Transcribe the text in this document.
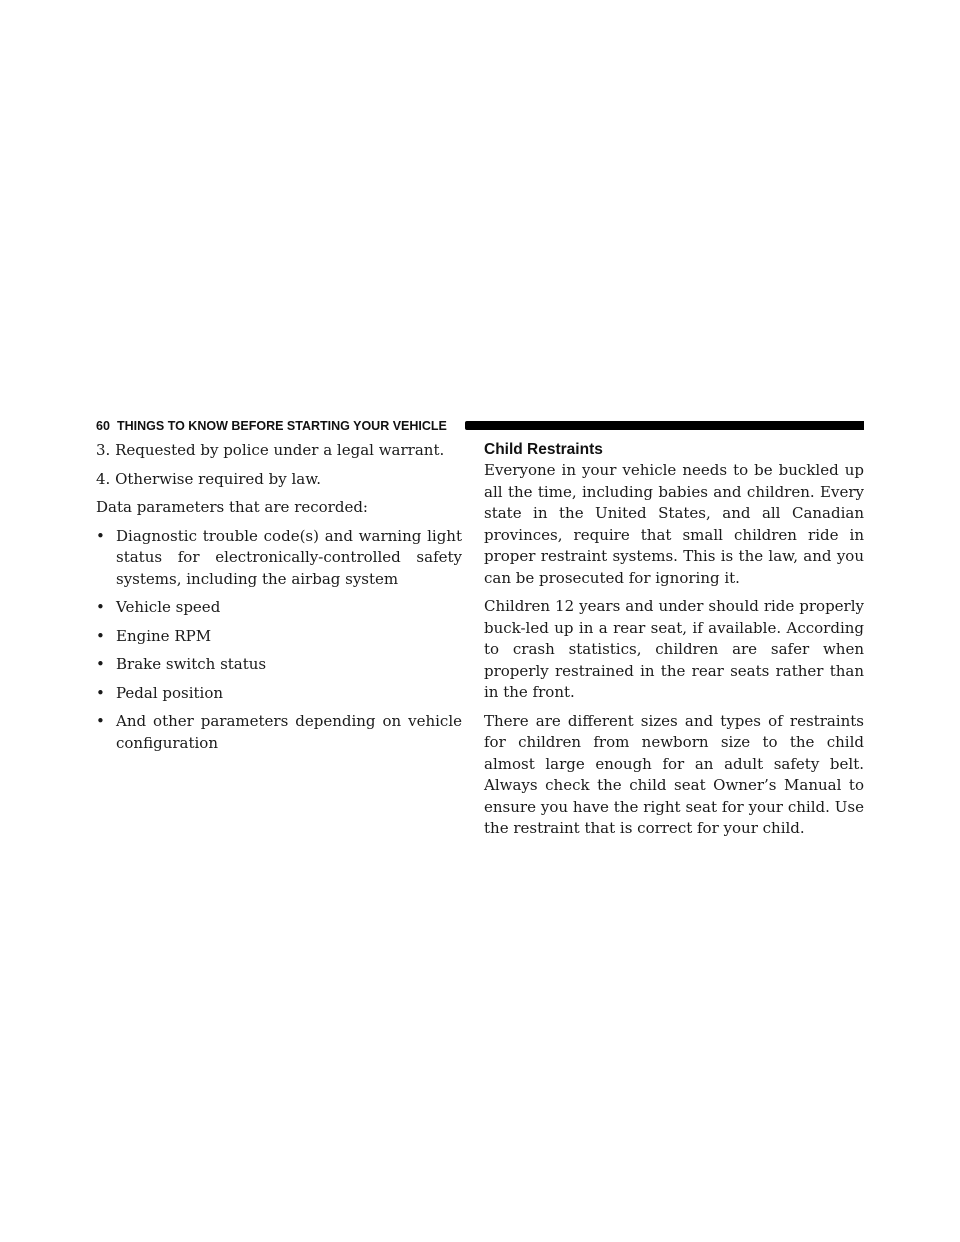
60 THINGS TO KNOW BEFORE STARTING YOUR VEHICLE

3. Requested by police under a legal warrant.

4. Otherwise required by law.

Data parameters that are recorded:

• Diagnostic trouble code(s) and warning light status for electronically-controlled safety systems, including the airbag system
• Vehicle speed
• Engine RPM
• Brake switch status
• Pedal position
• And other parameters depending on vehicle configuration
Child Restraints

Everyone in your vehicle needs to be buckled up all the time, including babies and children. Every state in the United States, and all Canadian provinces, require that small children ride in proper restraint systems. This is the law, and you can be prosecuted for ignoring it.

Children 12 years and under should ride properly buck-led up in a rear seat, if available. According to crash statistics, children are safer when properly restrained in the rear seats rather than in the front.

There are different sizes and types of restraints for children from newborn size to the child almost large enough for an adult safety belt. Always check the child seat Owner’s Manual to ensure you have the right seat for your child. Use the restraint that is correct for your child.
